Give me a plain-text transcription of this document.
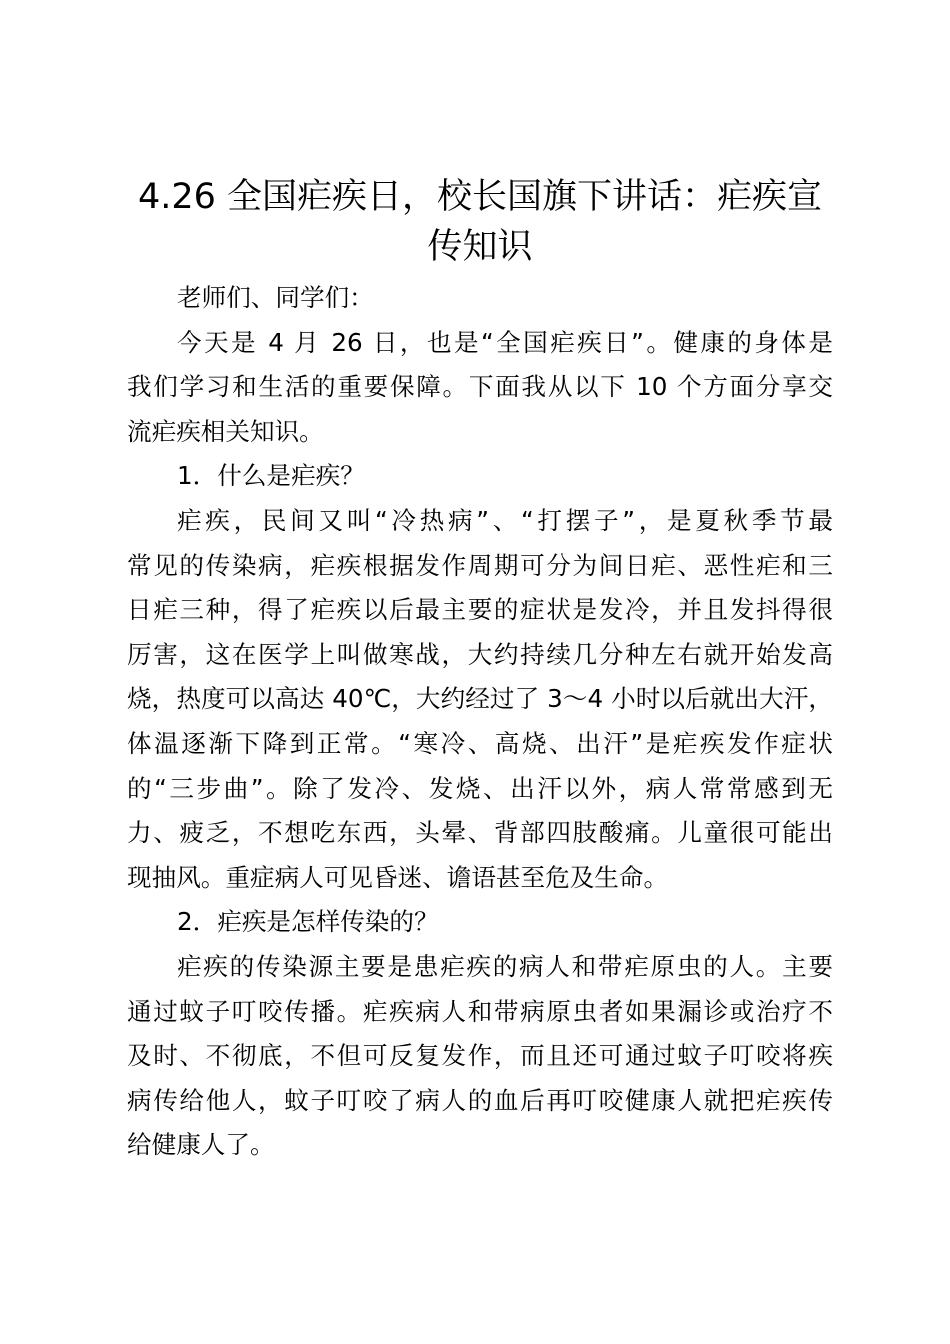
4.26 全国疟疾日，校长国旗下讲话：疟疾宣
传知识
老师们、同学们：
今天是 4 月 26 日，也是“全国疟疾日”。健康的身体是
我们学习和生活的重要保障。下面我从以下 10 个方面分享交
流疟疾相关知识。
1．什么是疟疾？
疟疾，民间又叫“冷热病”、“打摆子”，是夏秋季节最
常见的传染病，疟疾根据发作周期可分为间日疟、恶性疟和三
日疟三种，得了疟疾以后最主要的症状是发冷，并且发抖得很
厉害，这在医学上叫做寒战，大约持续几分种左右就开始发高
烧，热度可以高达 40℃，大约经过了 3～4 小时以后就出大汗，
体温逐渐下降到正常。“寒冷、高烧、出汗”是疟疾发作症状
的“三步曲”。除了发冷、发烧、出汗以外，病人常常感到无
力、疲乏，不想吃东西，头晕、背部四肢酸痛。儿童很可能出
现抽风。重症病人可见昏迷、谵语甚至危及生命。
2．疟疾是怎样传染的？
疟疾的传染源主要是患疟疾的病人和带疟原虫的人。主要
通过蚊子叮咬传播。疟疾病人和带病原虫者如果漏诊或治疗不
及时、不彻底，不但可反复发作，而且还可通过蚊子叮咬将疾
病传给他人，蚊子叮咬了病人的血后再叮咬健康人就把疟疾传
给健康人了。
